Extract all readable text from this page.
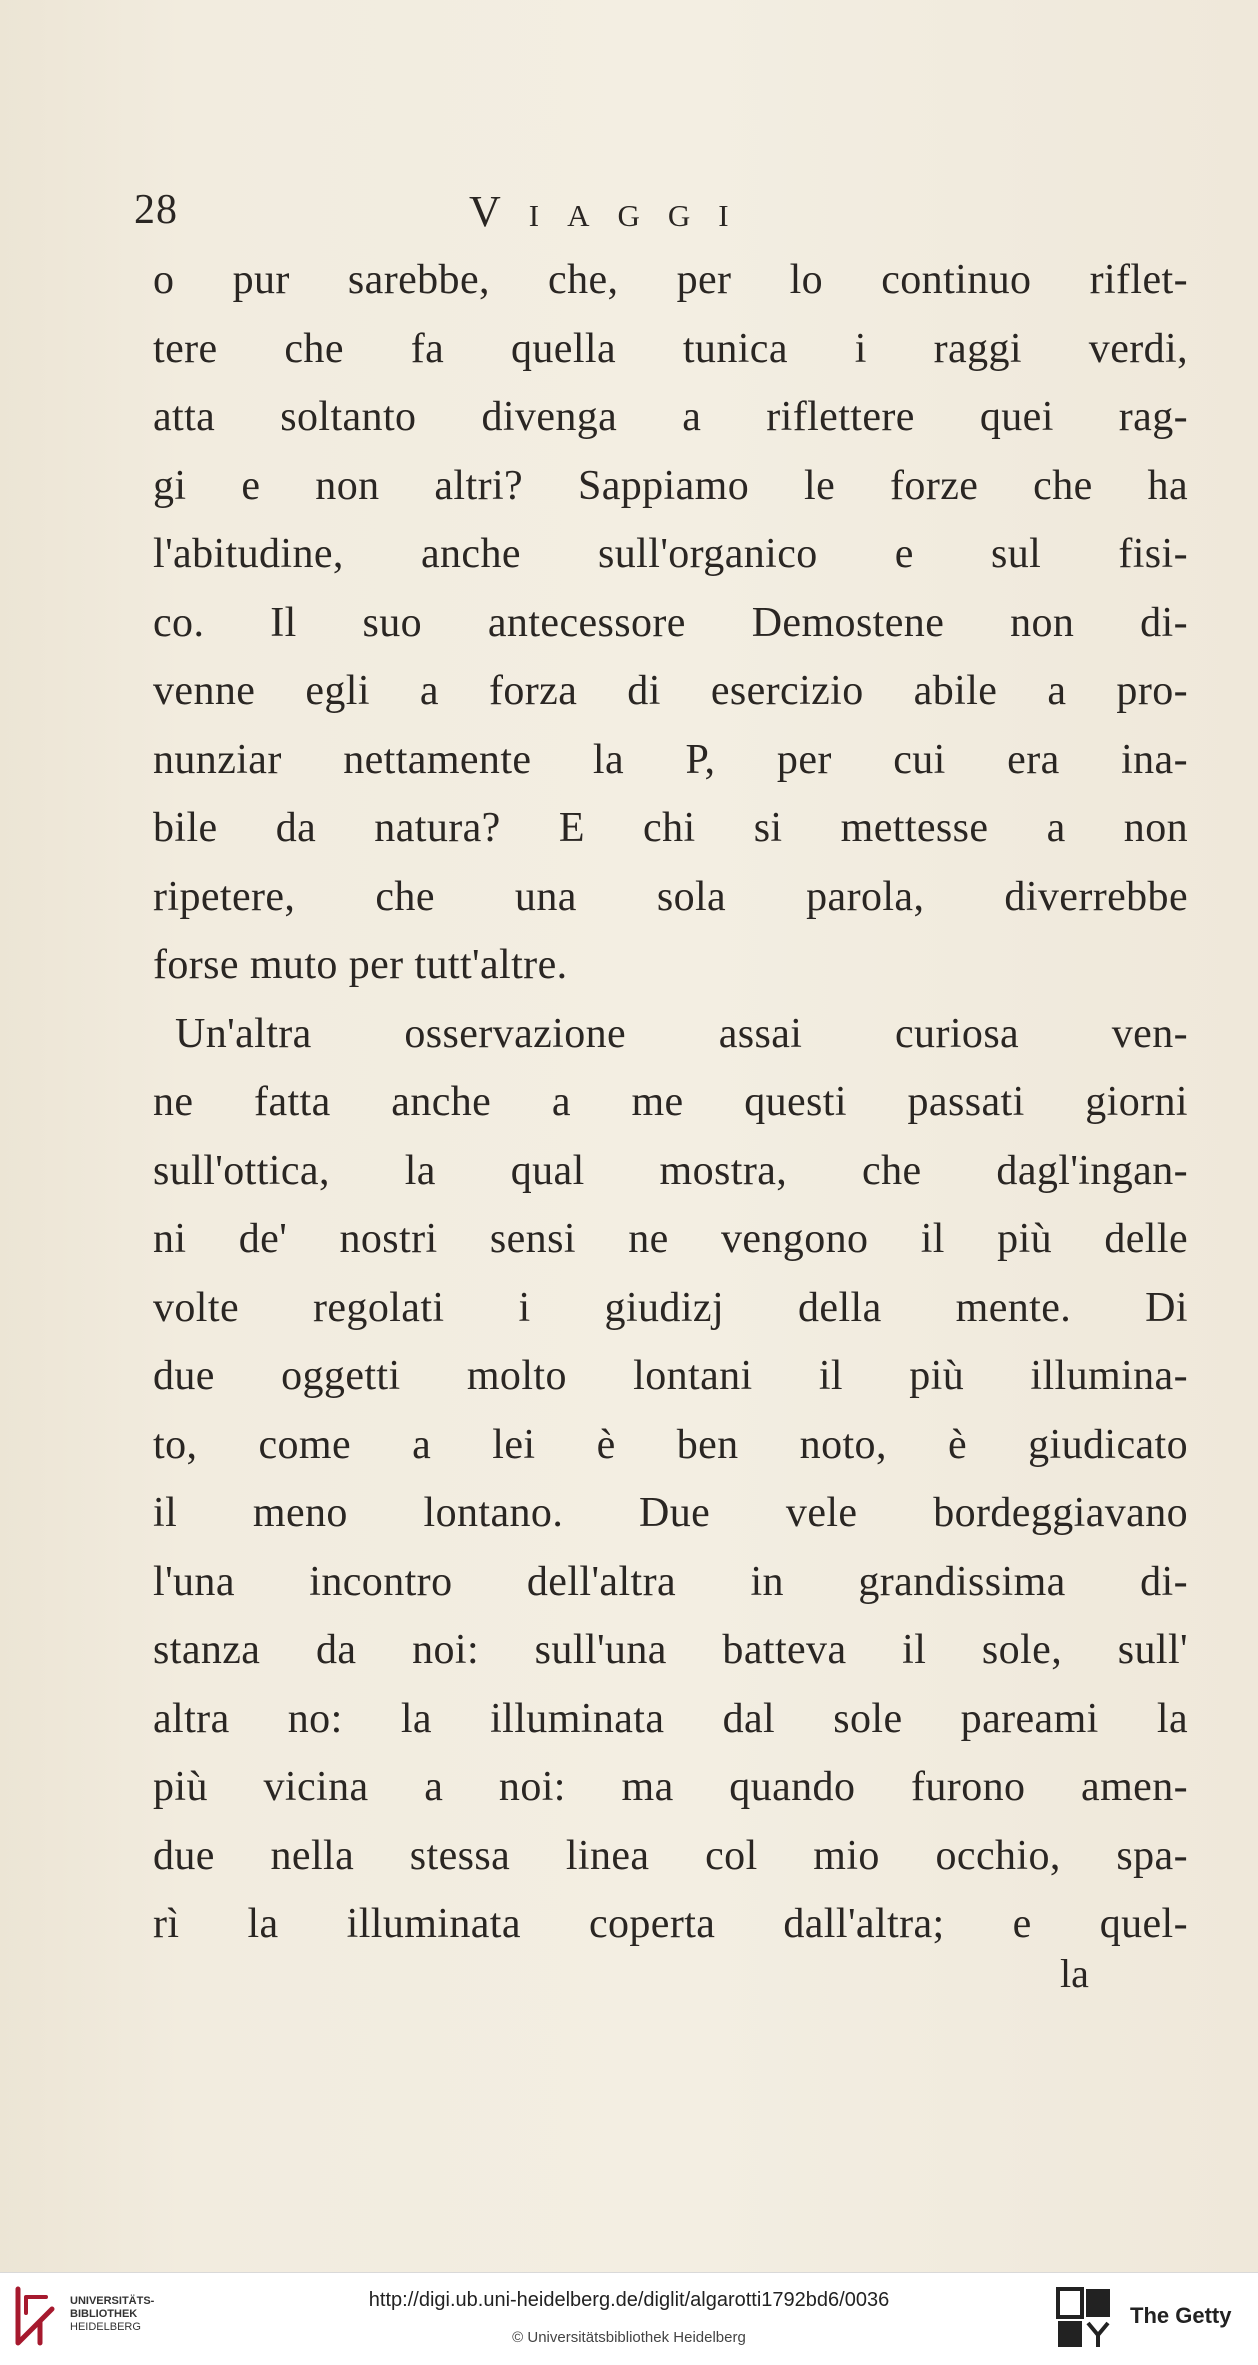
28	Viaggi
o pur sarebbe, che, per lo continuo riflet-
tere che fa quella tunica i raggi verdi,
atta soltanto divenga a riflettere quei rag-
gi e non altri? Sappiamo le forze che ha
l'abitudine, anche sull'organico e sul fisi-
co. Il suo antecessore Demostene non di-
venne egli a forza di esercizio abile a pro-
nunziar nettamente la P, per cui era ina-
bile da natura? E chi si mettesse a non
ripetere, che una sola parola, diverrebbe
forse muto per tutt'altre.
Un'altra osservazione assai curiosa ven-
ne fatta anche a me questi passati giorni
sull'ottica, la qual mostra, che dagl'ingan-
ni de' nostri sensi ne vengono il più delle
volte regolati i giudizj della mente. Di
due oggetti molto lontani il più illumina-
to, come a lei è ben noto, è giudicato
il meno lontano. Due vele bordeggiavano
l'una incontro dell'altra in grandissima di-
stanza da noi: sull'una batteva il sole, sull'
altra no: la illuminata dal sole pareami la
più vicina a noi: ma quando furono amen-
due nella stessa linea col mio occhio, spa-
rì la illuminata coperta dall'altra; e quel-
la
UNIVERSITÄTS-
BIBLIOTHEK
HEIDELBERG
http://digi.ub.uni-heidelberg.de/diglit/algarotti1792bd6/0036
© Universitätsbibliothek Heidelberg
The Getty
